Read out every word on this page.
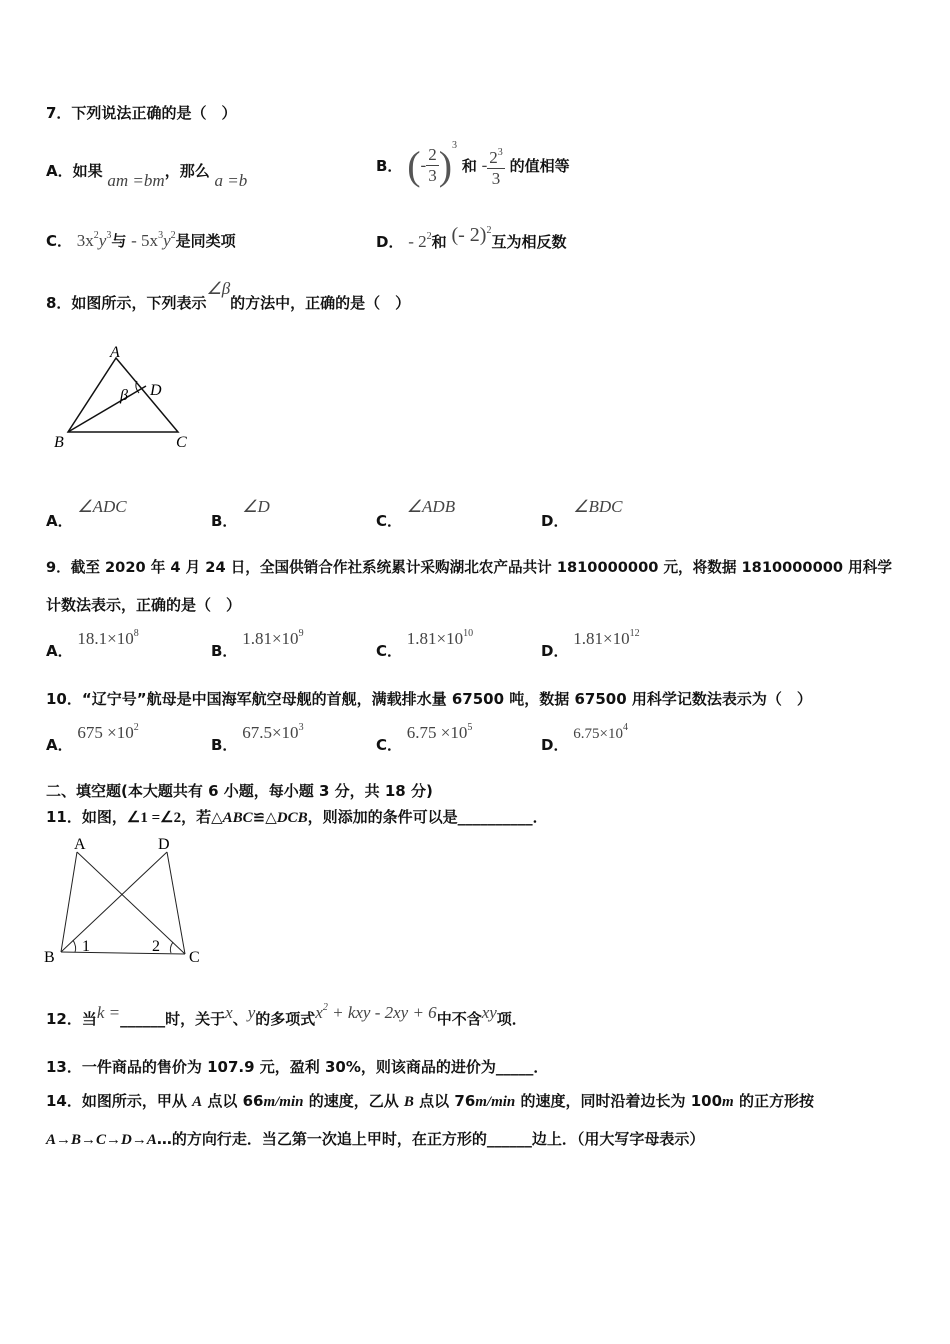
7．下列说法正确的是（　）
A．如果 am =bm，那么 a =b
B． (- $\frac{2}{3} )^3$ 和 - $\frac{2^3}{3}$ 的值相等
C． $3x^2y^3$与 - $5x^3y^2$是同类项	D． - $2^2$和 (- 2)$^2$互为相反数
8．如图所示，下列表示∠β的方法中，正确的是（　）
A
B	C
D
β
A． ∠ADC
B． ∠D
C． ∠ADB
D． ∠BDC
9．截至 2020 年 4 月 24 日，全国供销合作社系统累计采购湖北农产品共计 1810000000 元，将数据 1810000000 用科学
计数法表示，正确的是（　）
A． $18.1\times 10^8$
B． $1.81\times 10^9$
C． $1.81\times 10^{10}$
D． $1.81\times 10^{12}$
10．“辽宁号”航母是中国海军航空母舰的首舰，满载排水量 67500 吨，数据 67500 用科学记数法表示为（　）
A． $675 \times 10^2$
B． $67.5\times 10^3$
C． $6.75 \times 10^5$
D． $6.75\times 10^4$
二、填空题(本大题共有 6 小题，每小题 3 分，共 18 分)
11．如图，∠1 =∠2，若△ABC≌△DCB，则添加的条件可以是__________．
A	D
B	C
1	2
12．当k =______时，关于x、y的多项式$x^2$ + kxy - 2xy + 6中不含xy项．
13．一件商品的售价为 107.9 元，盈利 30%，则该商品的进价为_____．
14．如图所示，甲从 A 点以 66m/min 的速度，乙从 B 点以 76m/min 的速度，同时沿着边长为 100m 的正方形按
A→B→C→D→A…的方向行走．当乙第一次追上甲时，在正方形的______边上．（用大写字母表示）
